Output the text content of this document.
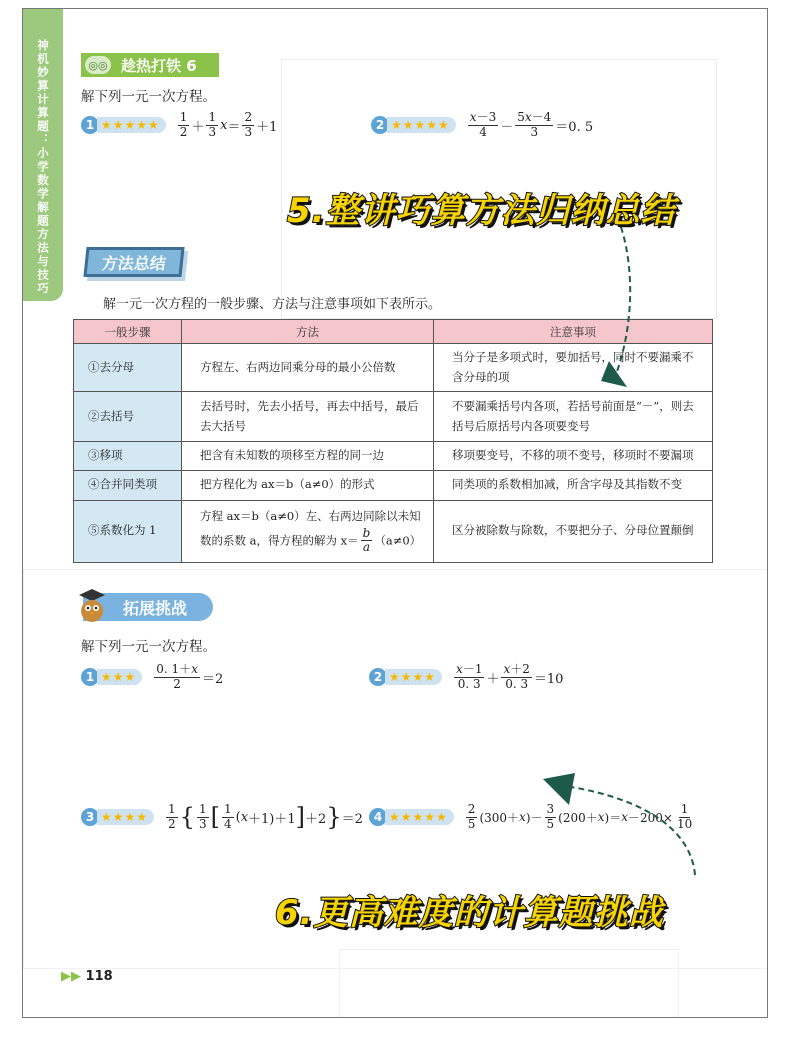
神机妙算计算题：小学数学解题方法与技巧	◎◎ 趁热打铁 6
解下列一元一次方程。
1 ★★★★★	$\frac{1}{2} + \frac{1}{3}$ $x = \frac{2}{3} +1$	2 ★★★★★	$\frac{x-3}{4} - \frac{5x-4}{3} =0$. 5
方法总结
解一元一次方程的一般步骤、方法与注意事项如下表所示。
一般步骤	方法	注意事项
①去分母	方程左、右两边同乘分母的最小公倍数	当分子是多项式时，要加括号，同时不要漏乘不含分母的项
②去括号	去括号时，先去小括号，再去中括号，最后去大括号	不要漏乘括号内各项，若括号前面是“－”，则去括号后原括号内各项要变号
③移项	把含有未知数的项移至方程的同一边	移项要变号，不移的项不变号，移项时不要漏项
④合并同类项	把方程化为 ax＝b（a≠0）的形式	同类项的系数相加减，所含字母及其指数不变
⑤系数化为 1	方程 ax＝b（a≠0）左、右两边同除以未知数的系数 a，得方程的解为 $x= \frac{b}{a} (a\ne 0)$	区分被除数与除数，不要把分子、分母位置颠倒
拓展挑战
解下列一元一次方程。
1 ★★★	$\frac{0. 1+x}{2} =2$	2 ★★★★	$\frac{x-1}{0. 3} + \frac{x+2}{0. 3} =10$
3 ★★★★	$\frac{1}{2}$ { $\frac{1}{3}$ [ $\frac{1}{4}$ ( x ＋1)＋1 ] ＋2 } ＝2 4 ★★★★★	$\frac{2}{5} (300+ x$ )－ $\frac{3}{5} (200+ x$ )＝ $x -200\times \frac{1}{10}$
5.整讲巧算方法归纳总结
6.更高难度的计算题挑战
▶▶ 118
